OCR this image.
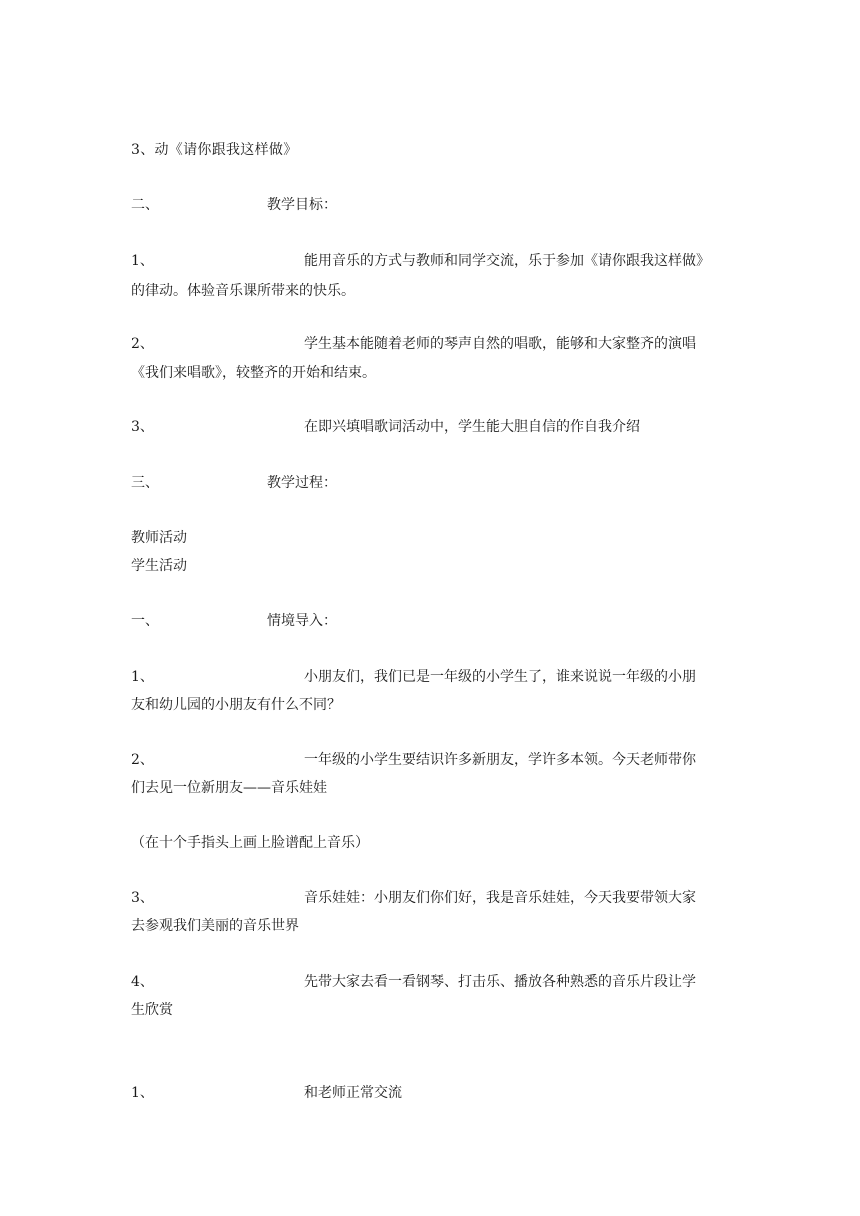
3、动《请你跟我这样做》
二、	教学目标：
1、	能用音乐的方式与教师和同学交流，乐于参加《请你跟我这样做》
的律动。体验音乐课所带来的快乐。
2、	学生基本能随着老师的琴声自然的唱歌，能够和大家整齐的演唱
《我们来唱歌》，较整齐的开始和结束。
3、	在即兴填唱歌词活动中，学生能大胆自信的作自我介绍
三、	教学过程：
教师活动
学生活动
一、	情境导入：
1、	小朋友们，我们已是一年级的小学生了，谁来说说一年级的小朋
友和幼儿园的小朋友有什么不同？
2、	一年级的小学生要结识许多新朋友，学许多本领。今天老师带你
们去见一位新朋友——音乐娃娃
（在十个手指头上画上脸谱配上音乐）
3、	音乐娃娃：小朋友们你们好，我是音乐娃娃，今天我要带领大家
去参观我们美丽的音乐世界
4、	先带大家去看一看钢琴、打击乐、播放各种熟悉的音乐片段让学
生欣赏
1、	和老师正常交流
